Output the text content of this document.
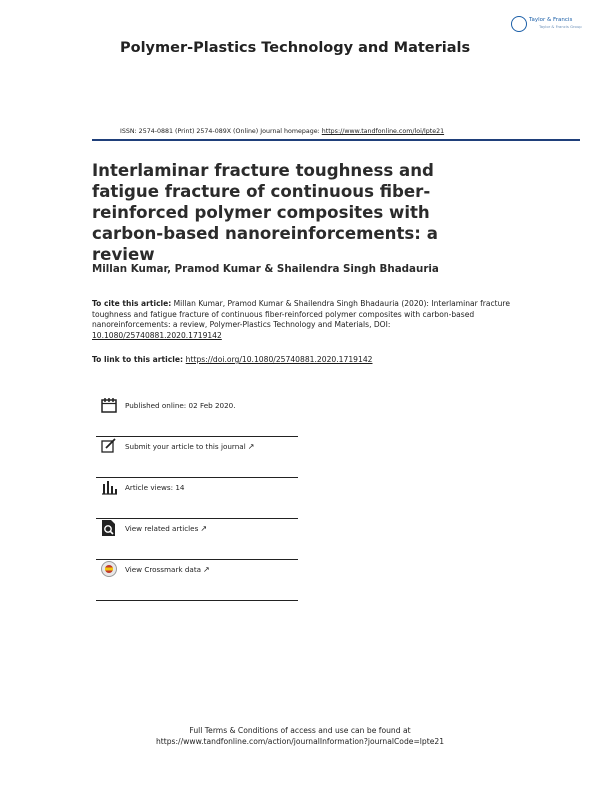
Polymer-Plastics Technology and Materials
Taylor & Francis
Taylor & Francis Group
ISSN: 2574-0881 (Print) 2574-089X (Online) Journal homepage: https://www.tandfonline.com/loi/lpte21
Interlaminar fracture toughness and fatigue fracture of continuous fiber-reinforced polymer composites with carbon-based nanoreinforcements: a review
Millan Kumar, Pramod Kumar & Shailendra Singh Bhadauria
To cite this article: Millan Kumar, Pramod Kumar & Shailendra Singh Bhadauria (2020): Interlaminar fracture toughness and fatigue fracture of continuous fiber-reinforced polymer composites with carbon-based nanoreinforcements: a review, Polymer-Plastics Technology and Materials, DOI: 10.1080/25740881.2020.1719142
To link to this article: https://doi.org/10.1080/25740881.2020.1719142
Published online: 02 Feb 2020.
Submit your article to this journal ↗
Article views: 14
View related articles ↗
View Crossmark data ↗
Full Terms & Conditions of access and use can be found at
https://www.tandfonline.com/action/journalInformation?journalCode=lpte21
